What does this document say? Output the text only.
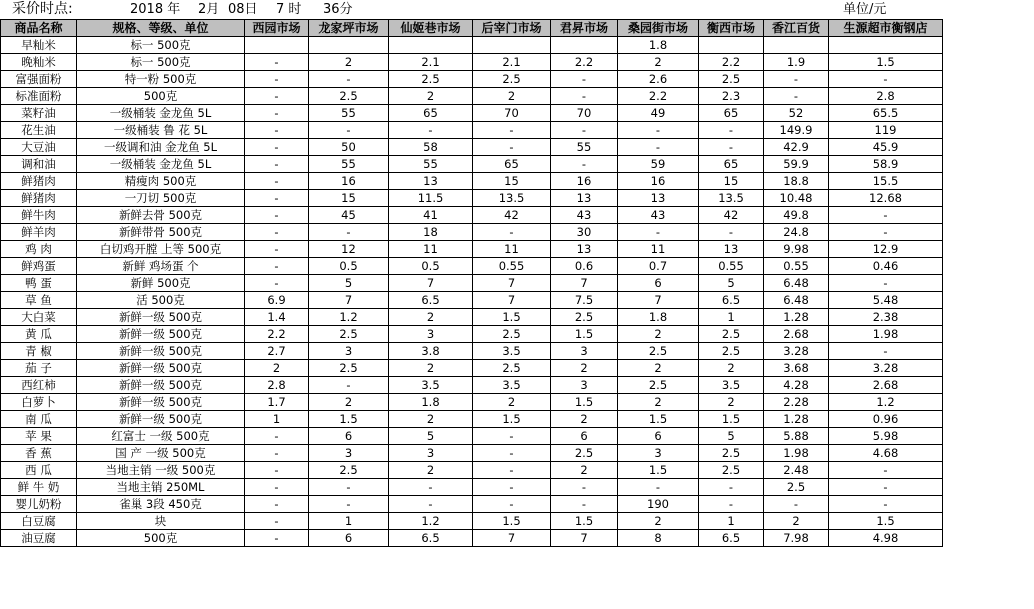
采价时点:	2018 年 2月 08日 7 时 36分	单位/元
商品名称	规格、等级、单位	西园市场	龙家坪市场	仙姬巷市场	后宰门市场	君昇市场	桑园街市场	衡西市场	香江百货	生源超市衡钢店
早籼米	标一 500克						1.8			
晚籼米	标一 500克	-	2	2.1	2.1	2.2	2	2.2	1.9	1.5
富强面粉	特一粉 500克	-	-	2.5	2.5	-	2.6	2.5	-	-
标准面粉	500克	-	2.5	2	2	-	2.2	2.3	-	2.8
菜籽油	一级桶装 金龙鱼 5L	-	55	65	70	70	49	65	52	65.5
花生油	一级桶装 鲁 花 5L	-	-	-	-	-	-	-	149.9	119
大豆油	一级调和油 金龙鱼 5L	-	50	58	-	55	-	-	42.9	45.9
调和油	一级桶装 金龙鱼 5L	-	55	55	65	-	59	65	59.9	58.9
鲜猪肉	精瘦肉 500克	-	16	13	15	16	16	15	18.8	15.5
鲜猪肉	一刀切 500克	-	15	11.5	13.5	13	13	13.5	10.48	12.68
鲜牛肉	新鲜去骨 500克	-	45	41	42	43	43	42	49.8	-
鲜羊肉	新鲜带骨 500克	-	-	18	-	30	-	-	24.8	-
鸡 肉	白切鸡开膛 上等 500克	-	12	11	11	13	11	13	9.98	12.9
鲜鸡蛋	新鲜 鸡场蛋 个	-	0.5	0.5	0.55	0.6	0.7	0.55	0.55	0.46
鸭 蛋	新鲜 500克	-	5	7	7	7	6	5	6.48	-
草 鱼	活 500克	6.9	7	6.5	7	7.5	7	6.5	6.48	5.48
大白菜	新鲜一级 500克	1.4	1.2	2	1.5	2.5	1.8	1	1.28	2.38
黄 瓜	新鲜一级 500克	2.2	2.5	3	2.5	1.5	2	2.5	2.68	1.98
青 椒	新鲜一级 500克	2.7	3	3.8	3.5	3	2.5	2.5	3.28	-
茄 子	新鲜一级 500克	2	2.5	2	2.5	2	2	2	3.68	3.28
西红柿	新鲜一级 500克	2.8	-	3.5	3.5	3	2.5	3.5	4.28	2.68
白萝卜	新鲜一级 500克	1.7	2	1.8	2	1.5	2	2	2.28	1.2
南 瓜	新鲜一级 500克	1	1.5	2	1.5	2	1.5	1.5	1.28	0.96
苹 果	红富士 一级 500克	-	6	5	-	6	6	5	5.88	5.98
香 蕉	国 产 一级 500克	-	3	3	-	2.5	3	2.5	1.98	4.68
西 瓜	当地主销 一级 500克	-	2.5	2	-	2	1.5	2.5	2.48	-
鲜 牛 奶	当地主销 250ML	-	-	-	-	-	-	-	2.5	-
婴儿奶粉	雀巢 3段 450克	-	-	-	-	-	190	-	-	-
白豆腐	块	-	1	1.2	1.5	1.5	2	1	2	1.5
油豆腐	500克	-	6	6.5	7	7	8	6.5	7.98	4.98
